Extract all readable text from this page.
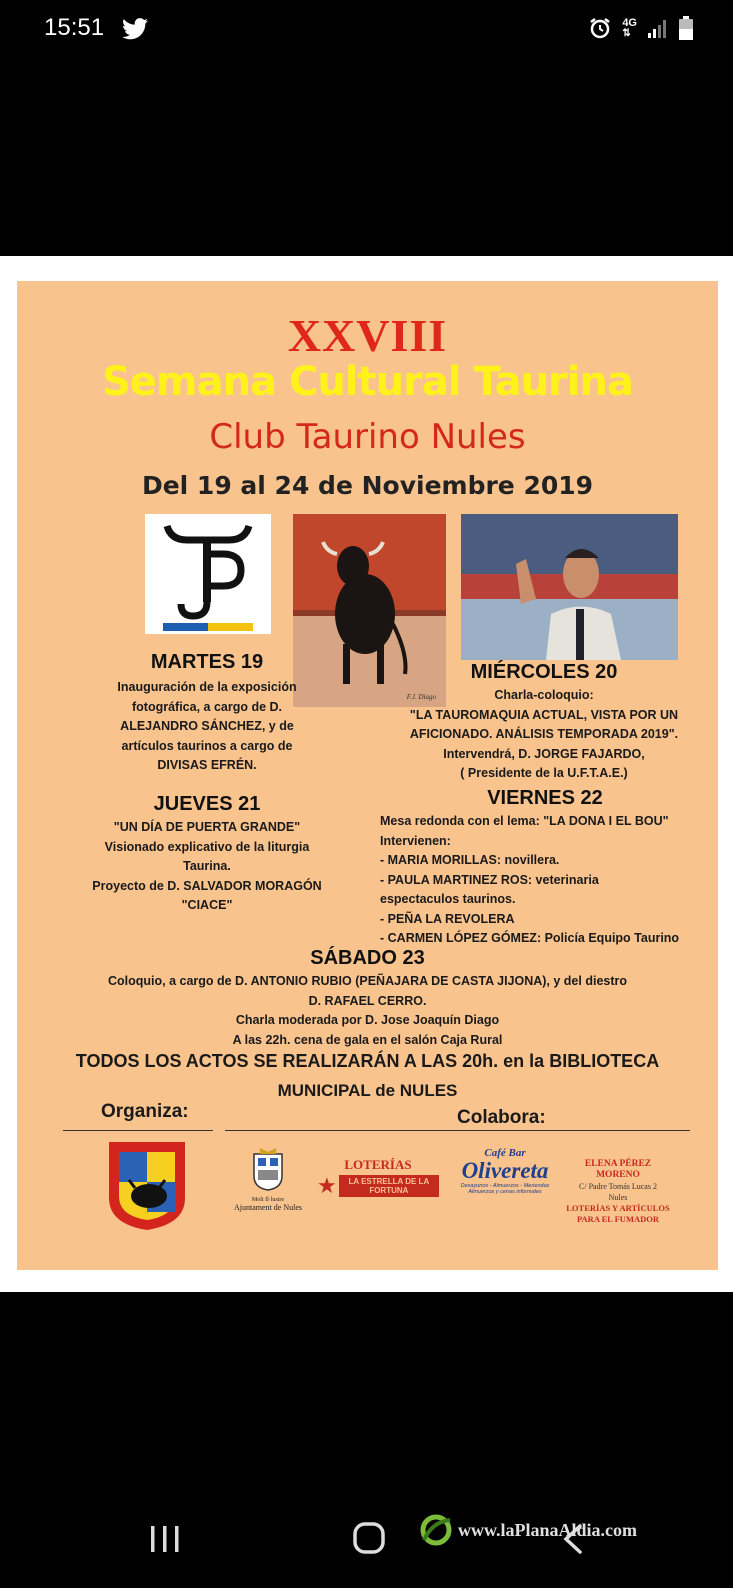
15:51	4G
⇅
XXVIII
Semana Cultural Taurina
Club Taurino Nules
Del 19 al 24 de Noviembre 2019
F.J. Diago
MARTES 19
Inauguración de la exposición
fotográfica, a cargo de D.
ALEJANDRO SÁNCHEZ, y de
artículos taurinos a cargo de
DIVISAS EFRÉN.
MIÉRCOLES 20
Charla-coloquio:
"LA TAUROMAQUIA ACTUAL, VISTA POR UN
AFICIONADO. ANÁLISIS TEMPORADA 2019".
Intervendrá, D. JORGE FAJARDO,
( Presidente de la U.F.T.A.E.)
JUEVES 21
"UN DÍA DE PUERTA GRANDE"
Visionado explicativo de la liturgia
Taurina.
Proyecto de D. SALVADOR MORAGÓN
"CIACE"
VIERNES 22
Mesa redonda con el lema: "LA DONA I EL BOU"
Intervienen:
- MARIA MORILLAS: novillera.
- PAULA MARTINEZ ROS: veterinaria
espectaculos taurinos.
- PEÑA LA REVOLERA
- CARMEN LÓPEZ GÓMEZ: Policía Equipo Taurino
SÁBADO 23
Coloquio, a cargo de D. ANTONIO RUBIO (PEÑAJARA DE CASTA JIJONA), y del diestro
D. RAFAEL CERRO.
Charla moderada por D. Jose Joaquín Diago
A las 22h. cena de gala en el salón Caja Rural
TODOS LOS ACTOS SE REALIZARÁN A LAS 20h. en la BIBLIOTECA
MUNICIPAL de NULES
Organiza:	Colabora:
Molt Il·lustre
Ajuntament de Nules
LOTERÍAS
★	LA ESTRELLA DE LA FORTUNA
Café Bar
Olivereta
Desayunos - Almuerzos - Meriendas
Almuerzos y cenas informales
ELENA PÉREZ MORENO
C/ Padre Tomás Lucas 2
Nules
LOTERÍAS Y ARTÍCULOS
PARA EL FUMADOR
www.laPlanaAldia.com
